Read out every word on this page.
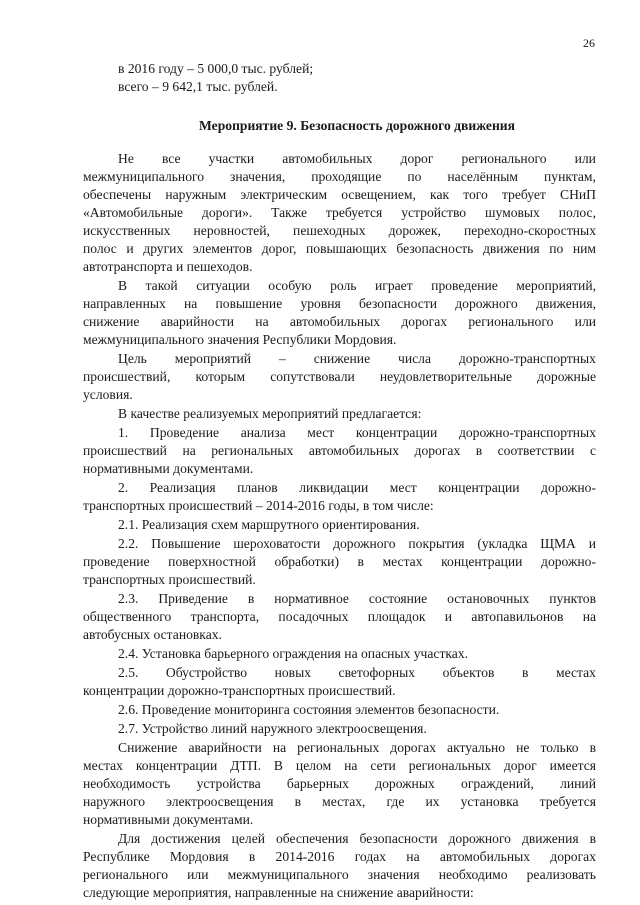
26
в 2016 году – 5 000,0 тыс. рублей;
всего – 9 642,1 тыс. рублей.
Мероприятие 9. Безопасность дорожного движения
Не все участки автомобильных дорог регионального или
межмуниципального значения, проходящие по населённым пунктам,
обеспечены наружным электрическим освещением, как того требует СНиП
«Автомобильные дороги». Также требуется устройство шумовых полос,
искусственных неровностей, пешеходных дорожек, переходно-скоростных
полос и других элементов дорог, повышающих безопасность движения по ним
автотранспорта и пешеходов.
В такой ситуации особую роль играет проведение мероприятий,
направленных на повышение уровня безопасности дорожного движения,
снижение аварийности на автомобильных дорогах регионального или
межмуниципального значения Республики Мордовия.
Цель мероприятий – снижение числа дорожно-транспортных
происшествий, которым сопутствовали неудовлетворительные дорожные
условия.
В качестве реализуемых мероприятий предлагается:
1. Проведение анализа мест концентрации дорожно-транспортных
происшествий на региональных автомобильных дорогах в соответствии с
нормативными документами.
2. Реализация планов ликвидации мест концентрации дорожно-
транспортных происшествий – 2014-2016 годы, в том числе:
2.1. Реализация схем маршрутного ориентирования.
2.2. Повышение шероховатости дорожного покрытия (укладка ЩМА и
проведение поверхностной обработки) в местах концентрации дорожно-
транспортных происшествий.
2.3. Приведение в нормативное состояние остановочных пунктов
общественного транспорта, посадочных площадок и автопавильонов на
автобусных остановках.
2.4. Установка барьерного ограждения на опасных участках.
2.5. Обустройство новых светофорных объектов в местах
концентрации дорожно-транспортных происшествий.
2.6. Проведение мониторинга состояния элементов безопасности.
2.7. Устройство линий наружного электроосвещения.
Снижение аварийности на региональных дорогах актуально не только в
местах концентрации ДТП. В целом на сети региональных дорог имеется
необходимость устройства барьерных дорожных ограждений, линий
наружного электроосвещения в местах, где их установка требуется
нормативными документами.
Для достижения целей обеспечения безопасности дорожного движения в
Республике Мордовия в 2014-2016 годах на автомобильных дорогах
регионального или межмуниципального значения необходимо реализовать
следующие мероприятия, направленные на снижение аварийности:
